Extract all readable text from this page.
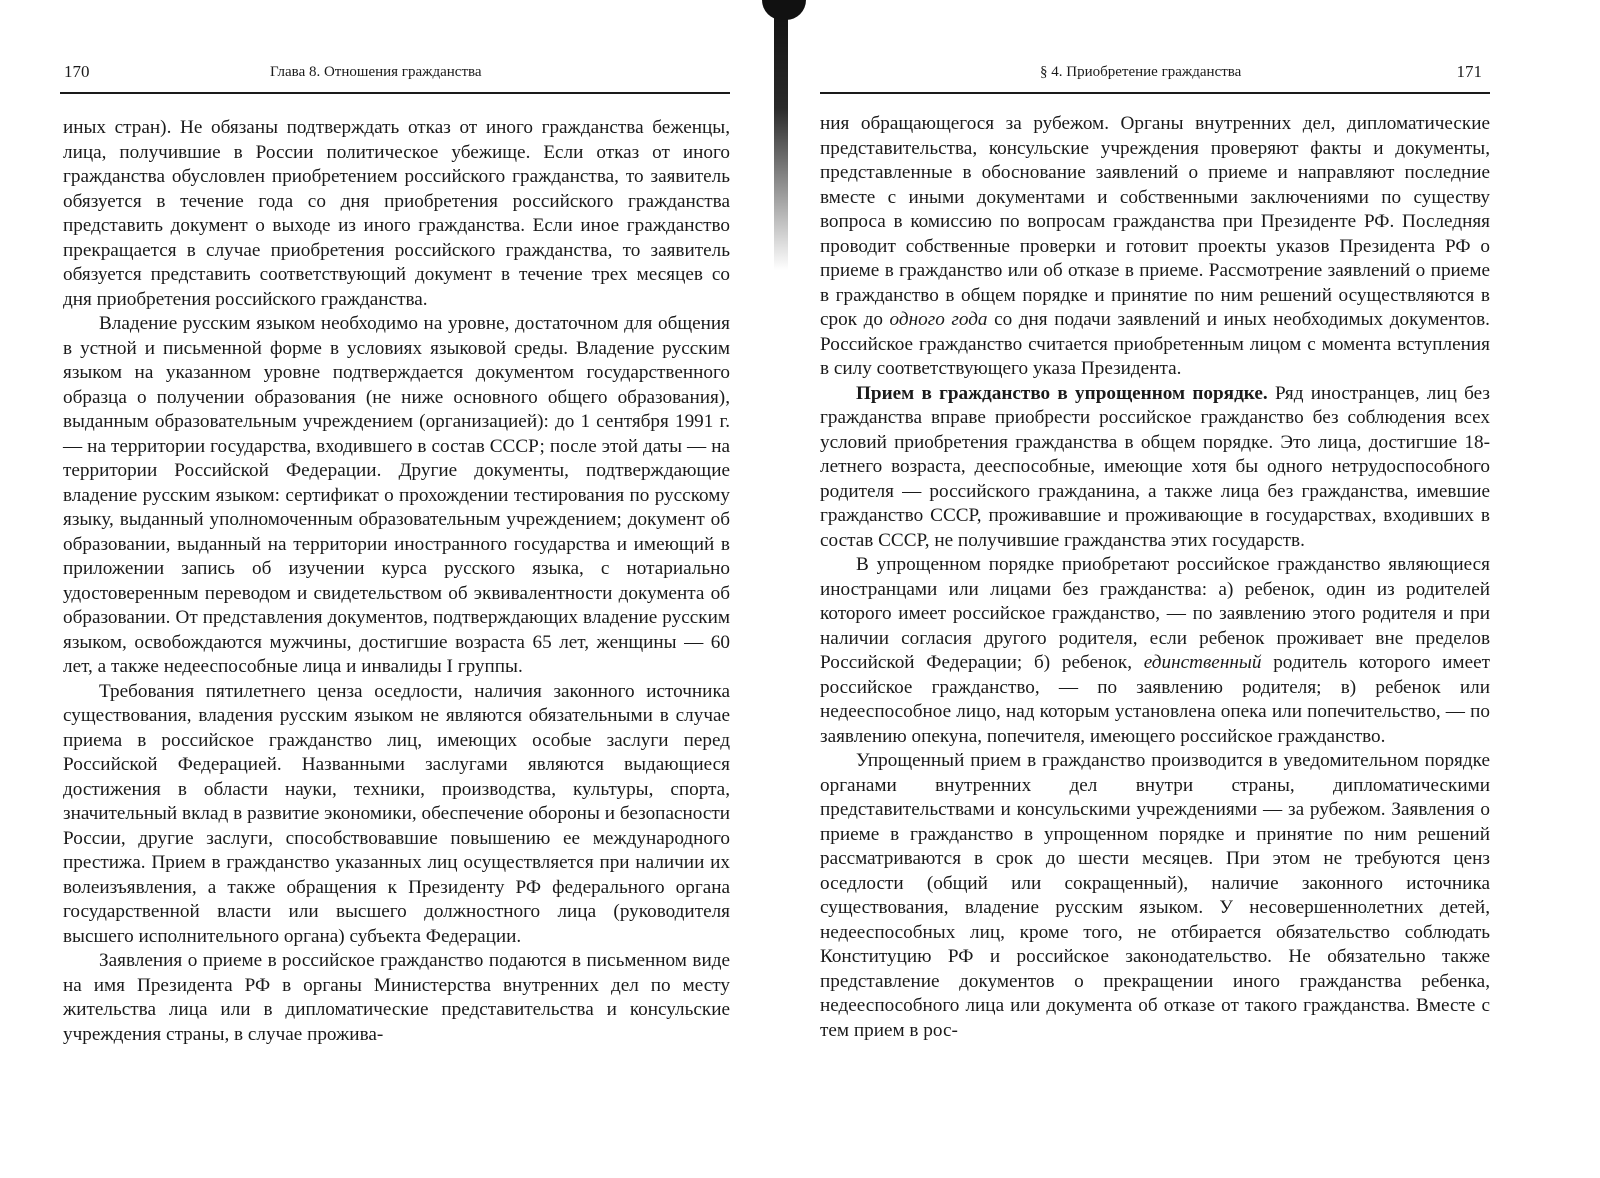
170	Глава 8. Отношения гражданства

иных стран). Не обязаны подтверждать отказ от иного гражданства беженцы, лица, получившие в России политическое убежище. Если отказ от иного гражданства обусловлен приобретением российского гражданства, то заявитель обязуется в течение года со дня приобретения российского гражданства представить документ о выходе из иного гражданства. Если иное гражданство прекращается в случае приобретения российского гражданства, то заявитель обязуется представить соответствующий документ в течение трех месяцев со дня приобретения российского гражданства.

Владение русским языком необходимо на уровне, достаточном для общения в устной и письменной форме в условиях языковой среды. Владение русским языком на указанном уровне подтверждается документом государственного образца о получении образования (не ниже основного общего образования), выданным образовательным учреждением (организацией): до 1 сентября 1991 г. — на территории государства, входившего в состав СССР; после этой даты — на территории Российской Федерации. Другие документы, подтверждающие владение русским языком: сертификат о прохождении тестирования по русскому языку, выданный уполномоченным образовательным учреждением; документ об образовании, выданный на территории иностранного государства и имеющий в приложении запись об изучении курса русского языка, с нотариально удостоверенным переводом и свидетельством об эквивалентности документа об образовании. От представления документов, подтверждающих владение русским языком, освобождаются мужчины, достигшие возраста 65 лет, женщины — 60 лет, а также недееспособные лица и инвалиды I группы.

Требования пятилетнего ценза оседлости, наличия законного источника существования, владения русским языком не являются обязательными в случае приема в российское гражданство лиц, имеющих особые заслуги перед Российской Федерацией. Названными заслугами являются выдающиеся достижения в области науки, техники, производства, культуры, спорта, значительный вклад в развитие экономики, обеспечение обороны и безопасности России, другие заслуги, способствовавшие повышению ее международного престижа. Прием в гражданство указанных лиц осуществляется при наличии их волеизъявления, а также обращения к Президенту РФ федерального органа государственной власти или высшего должностного лица (руководителя высшего исполнительного органа) субъекта Федерации.

Заявления о приеме в российское гражданство подаются в письменном виде на имя Президента РФ в органы Министерства внутренних дел по месту жительства лица или в дипломатические представительства и консульские учреждения страны, в случае прожива-

§ 4. Приобретение гражданства	171

ния обращающегося за рубежом. Органы внутренних дел, дипломатические представительства, консульские учреждения проверяют факты и документы, представленные в обоснование заявлений о приеме и направляют последние вместе с иными документами и собственными заключениями по существу вопроса в комиссию по вопросам гражданства при Президенте РФ. Последняя проводит собственные проверки и готовит проекты указов Президента РФ о приеме в гражданство или об отказе в приеме. Рассмотрение заявлений о приеме в гражданство в общем порядке и принятие по ним решений осуществляются в срок до одного года со дня подачи заявлений и иных необходимых документов. Российское гражданство считается приобретенным лицом с момента вступления в силу соответствующего указа Президента.

Прием в гражданство в упрощенном порядке. Ряд иностранцев, лиц без гражданства вправе приобрести российское гражданство без соблюдения всех условий приобретения гражданства в общем порядке. Это лица, достигшие 18-летнего возраста, дееспособные, имеющие хотя бы одного нетрудоспособного родителя — российского гражданина, а также лица без гражданства, имевшие гражданство СССР, проживавшие и проживающие в государствах, входивших в состав СССР, не получившие гражданства этих государств.

В упрощенном порядке приобретают российское гражданство являющиеся иностранцами или лицами без гражданства: а) ребенок, один из родителей которого имеет российское гражданство, — по заявлению этого родителя и при наличии согласия другого родителя, если ребенок проживает вне пределов Российской Федерации; б) ребенок, единственный родитель которого имеет российское гражданство, — по заявлению родителя; в) ребенок или недееспособное лицо, над которым установлена опека или попечительство, — по заявлению опекуна, попечителя, имеющего российское гражданство.

Упрощенный прием в гражданство производится в уведомительном порядке органами внутренних дел внутри страны, дипломатическими представительствами и консульскими учреждениями — за рубежом. Заявления о приеме в гражданство в упрощенном порядке и принятие по ним решений рассматриваются в срок до шести месяцев. При этом не требуются ценз оседлости (общий или сокращенный), наличие законного источника существования, владение русским языком. У несовершеннолетних детей, недееспособных лиц, кроме того, не отбирается обязательство соблюдать Конституцию РФ и российское законодательство. Не обязательно также представление документов о прекращении иного гражданства ребенка, недееспособного лица или документа об отказе от такого гражданства. Вместе с тем прием в рос-
